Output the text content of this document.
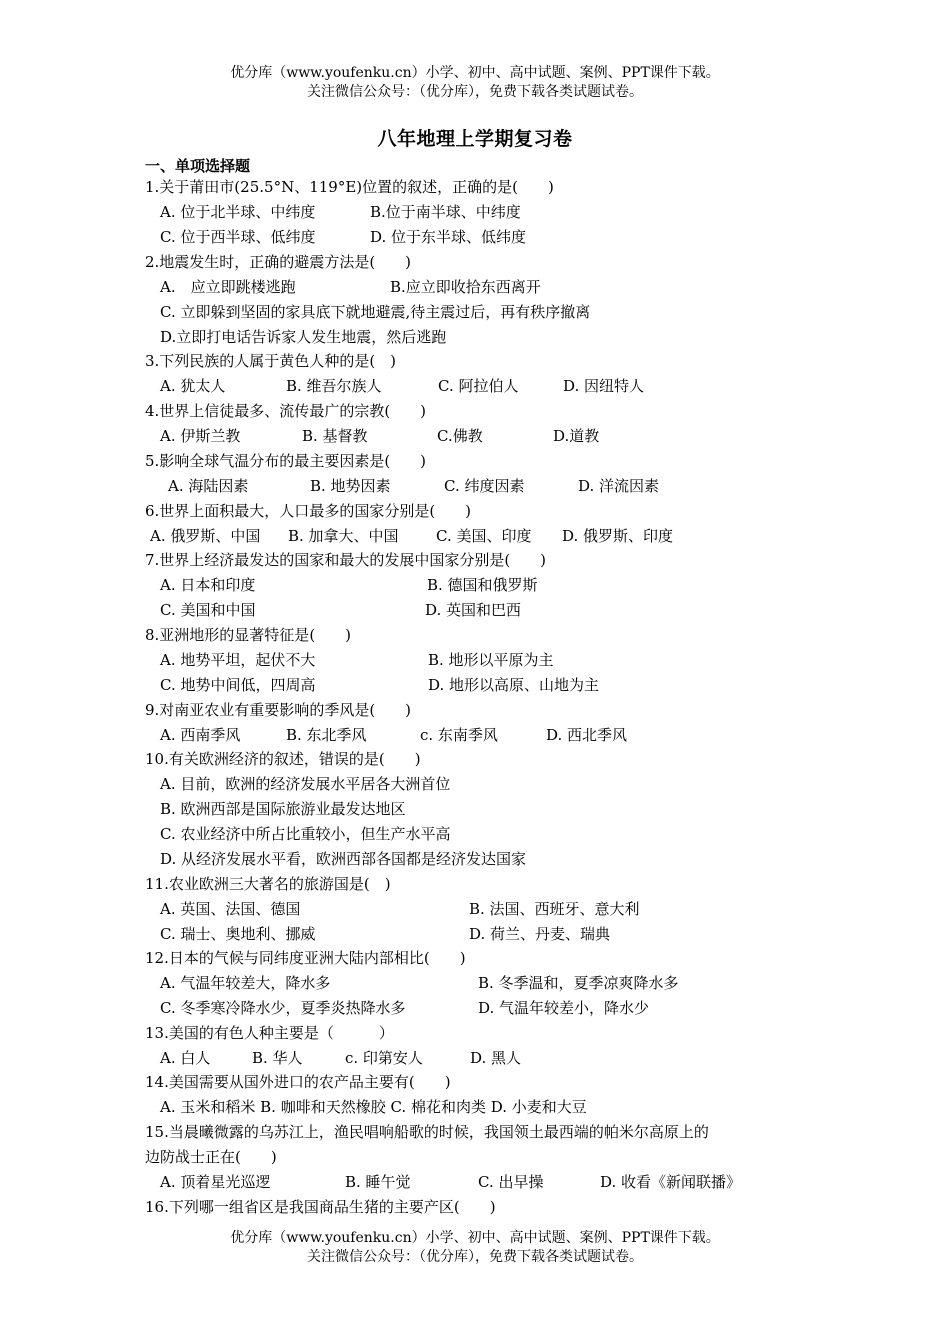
优分库（www.youfenku.cn）小学、初中、高中试题、案例、PPT课件下载。
关注微信公众号：（优分库），免费下载各类试题试卷。
八年地理上学期复习卷
一、单项选择题
1.关于莆田市(25.5°N、119°E)位置的叙述，正确的是(　　)
A. 位于北半球、中纬度	B.位于南半球、中纬度
C. 位于西半球、低纬度	D. 位于东半球、低纬度
2.地震发生时，正确的避震方法是(　　)
A.　应立即跳楼逃跑	B.应立即收拾东西离开
C. 立即躲到坚固的家具底下就地避震,待主震过后，再有秩序撤离
D.立即打电话告诉家人发生地震，然后逃跑
3.下列民族的人属于黄色人种的是(　)
A. 犹太人	B. 维吾尔族人	C. 阿拉伯人	D. 因纽特人
4.世界上信徒最多、流传最广的宗教(　　)
A. 伊斯兰教	B. 基督教	C.佛教	D.道教
5.影响全球气温分布的最主要因素是(　　)
A. 海陆因素	B. 地势因素	C. 纬度因素	D. 洋流因素
6.世界上面积最大，人口最多的国家分别是(　　)
A. 俄罗斯、中国 B. 加拿大、中国 C. 美国、印度 D. 俄罗斯、印度
7.世界上经济最发达的国家和最大的发展中国家分别是(　　)
A. 日本和印度	B. 德国和俄罗斯
C. 美国和中国	D. 英国和巴西
8.亚洲地形的显著特征是(　　)
A. 地势平坦，起伏不大	B. 地形以平原为主
C. 地势中间低，四周高	D. 地形以高原、山地为主
9.对南亚农业有重要影响的季风是(　　)
A. 西南季风	B. 东北季风	c. 东南季风	D. 西北季风
10.有关欧洲经济的叙述，错误的是(　　)
A. 目前，欧洲的经济发展水平居各大洲首位
B. 欧洲西部是国际旅游业最发达地区
C. 农业经济中所占比重较小，但生产水平高
D. 从经济发展水平看，欧洲西部各国都是经济发达国家
11.农业欧洲三大著名的旅游国是(　)
A. 英国、法国、德国	B. 法国、西班牙、意大利
C. 瑞士、奥地利、挪威	D. 荷兰、丹麦、瑞典
12.日本的气候与同纬度亚洲大陆内部相比(　　)
A. 气温年较差大，降水多	B. 冬季温和，夏季凉爽降水多
C. 冬季寒冷降水少，夏季炎热降水多	D. 气温年较差小，降水少
13.美国的有色人种主要是（　　　）
A. 白人	B. 华人	c. 印第安人	D. 黑人
14.美国需要从国外进口的农产品主要有(　　)
A. 玉米和稻米 B. 咖啡和天然橡胶 C. 棉花和肉类 D. 小麦和大豆
15.当晨曦微露的乌苏江上，渔民唱响船歌的时候，我国领土最西端的帕米尔高原上的
边防战士正在(　　)
A. 顶着星光巡逻	B. 睡午觉	C. 出早操	D. 收看《新闻联播》
16.下列哪一组省区是我国商品生猪的主要产区(　　)
优分库（www.youfenku.cn）小学、初中、高中试题、案例、PPT课件下载。
关注微信公众号：（优分库），免费下载各类试题试卷。
